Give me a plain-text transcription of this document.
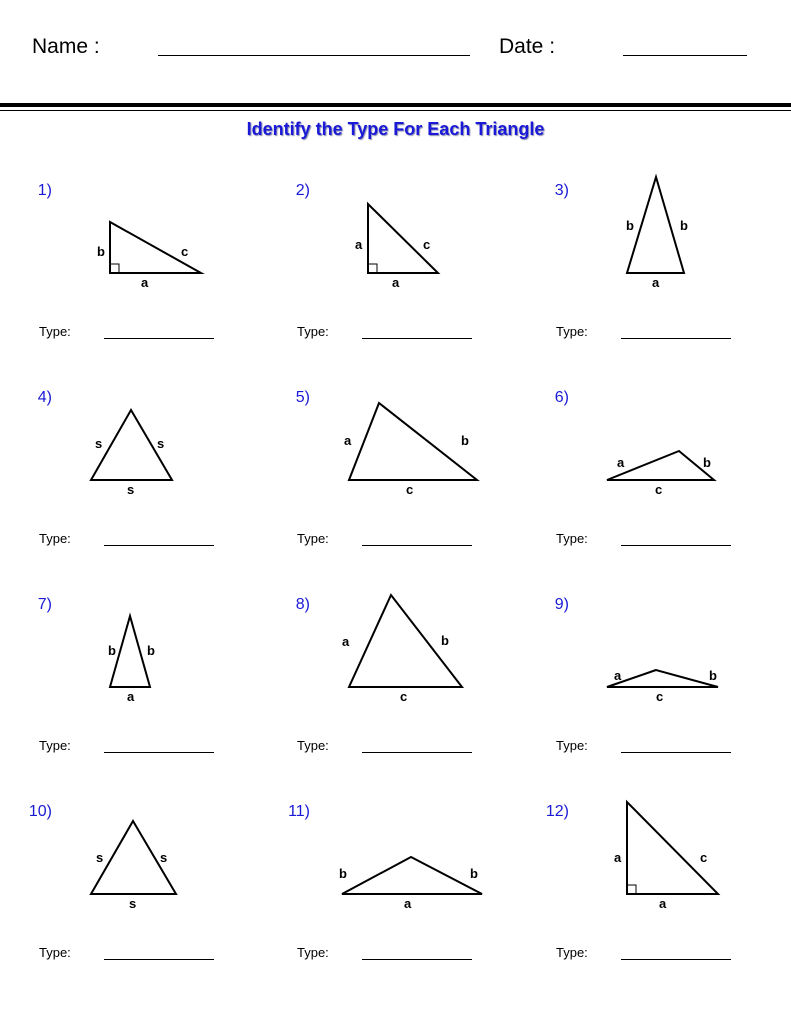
Name :	Date :
Identify the Type For Each Triangle
1)
b	c
a
Type:
2)
a	c
a
Type:
3)
b	b
a
Type:
4)
s	s
s
Type:
5)
a	b
c
Type:
6)
a	b
c
Type:
7)
b b
a
Type:
8)
a	b
c
Type:
9)
a	b
c
Type:
10)
s	s
s
Type:
11)
b	b
a
Type:
12)
a	c
a
Type:
